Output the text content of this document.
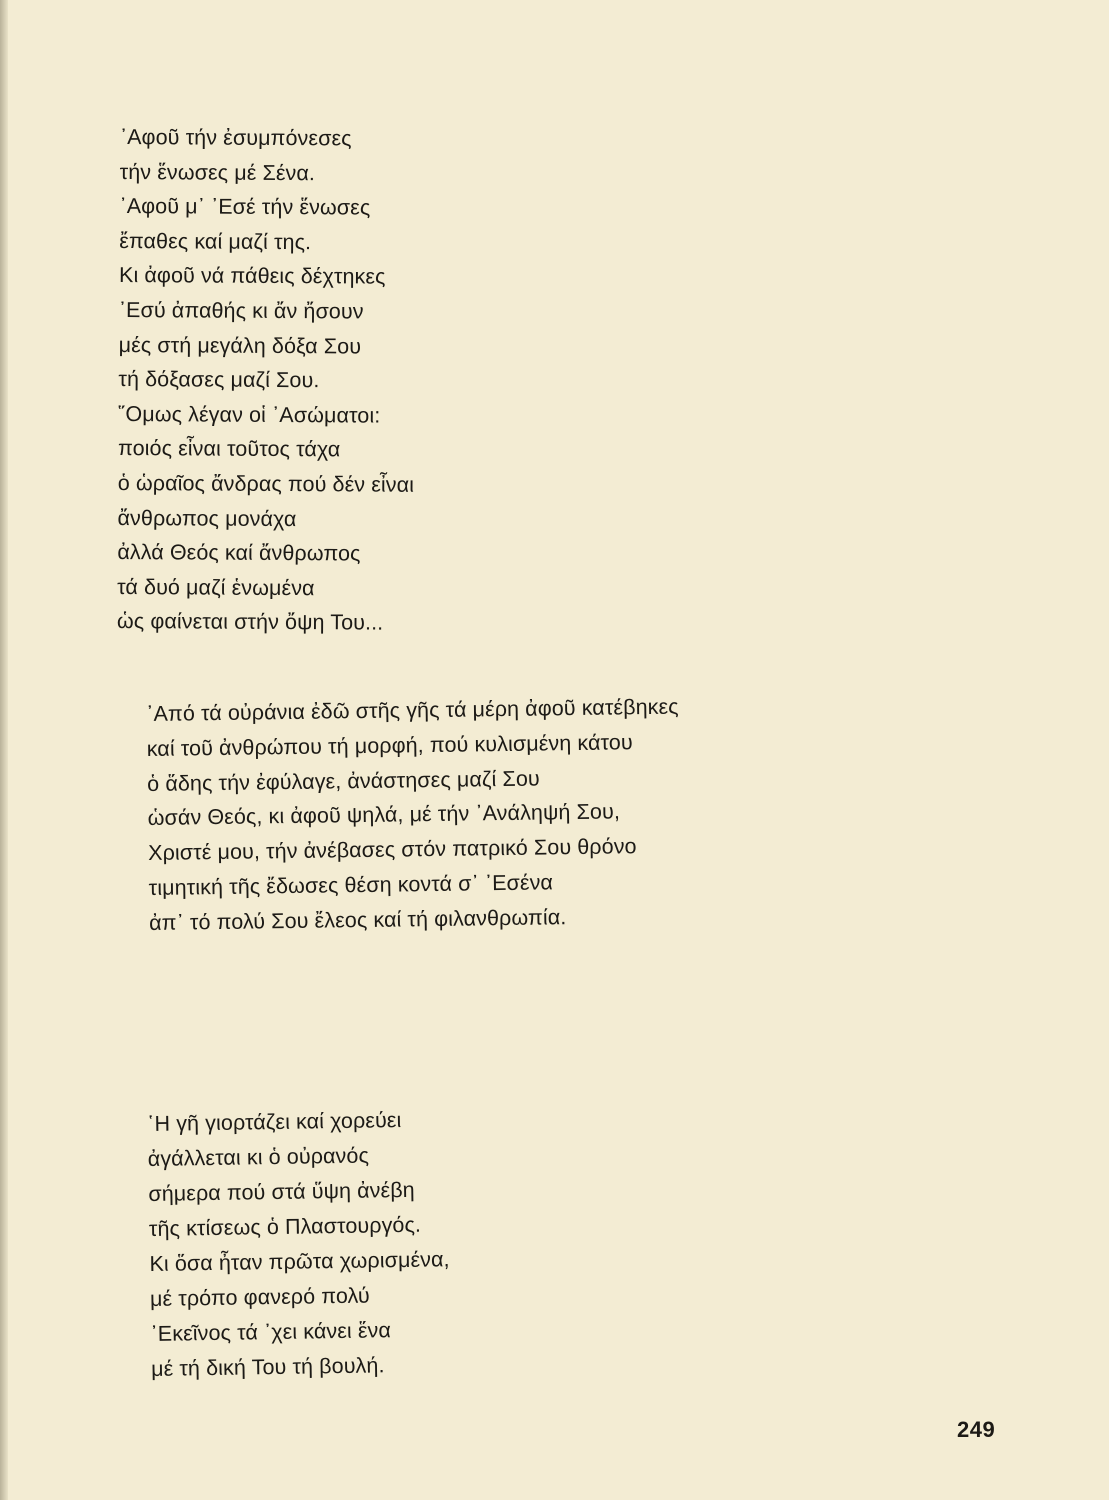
᾿Αφοῦ τήν ἐσυμπόνεσες
τήν ἕνωσες μέ Σένα.
᾿Αφοῦ μ᾿ ᾿Εσέ τήν ἕνωσες
ἔπαθες καί μαζί της.
Κι ἀφοῦ νά πάθεις δέχτηκες
᾿Εσύ ἀπαθής κι ἄν ἤσουν
μές στή μεγάλη δόξα Σου
τή δόξασες μαζί Σου.
῞Ομως λέγαν οἱ ᾿Ασώματοι:
ποιός εἶναι τοῦτος τάχα
ὁ ὡραῖος ἄνδρας πού δέν εἶναι
ἄνθρωπος μονάχα
ἀλλά Θεός καί ἄνθρωπος
τά δυό μαζί ἑνωμένα
ὡς φαίνεται στήν ὄψη Του...
᾿Από τά οὐράνια ἐδῶ στῆς γῆς τά μέρη ἀφοῦ κατέβηκες
καί τοῦ ἀνθρώπου τή μορφή, πού κυλισμένη κάτου
ὁ ἅδης τήν ἐφύλαγε, ἀνάστησες μαζί Σου
ὡσάν Θεός, κι ἀφοῦ ψηλά, μέ τήν ᾿Ανάληψή Σου,
Χριστέ μου, τήν ἀνέβασες στόν πατρικό Σου θρόνο
τιμητική τῆς ἔδωσες θέση κοντά σ᾿ ᾿Εσένα
ἀπ᾿ τό πολύ Σου ἔλεος καί τή φιλανθρωπία.
῾Η γῆ γιορτάζει καί χορεύει
ἀγάλλεται κι ὁ οὐρανός
σήμερα πού στά ὕψη ἀνέβη
τῆς κτίσεως ὁ Πλαστουργός.
Κι ὅσα ἦταν πρῶτα χωρισμένα,
μέ τρόπο φανερό πολύ
᾿Εκεῖνος τά ᾿χει κάνει ἕνα
μέ τή δική Του τή βουλή.
249
